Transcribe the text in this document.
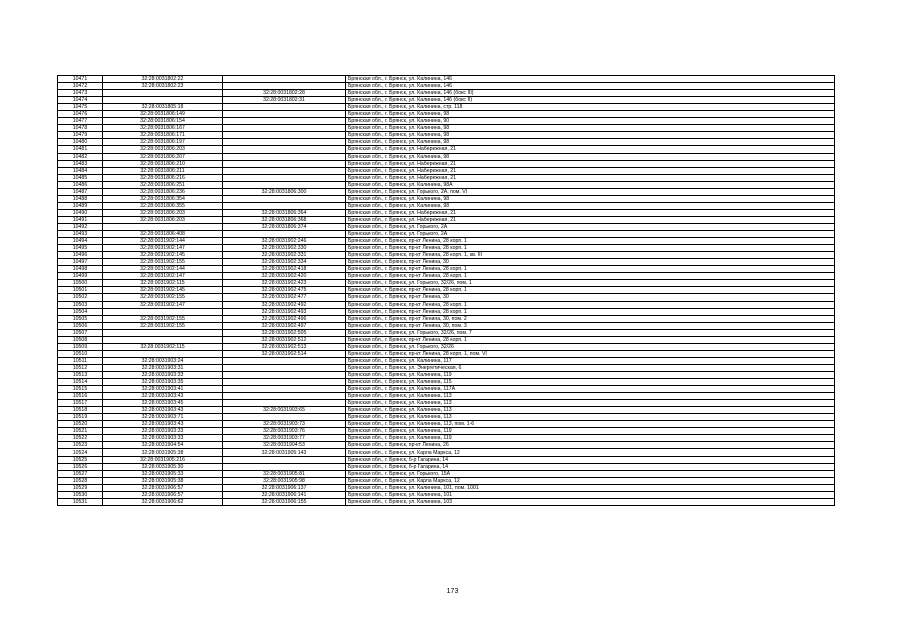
10471	32:28:0031802:22		Брянская обл., г. Брянск, ул. Калинина, 146
10472	32:28:0031802:23		Брянская обл., г. Брянск, ул. Калинина, 146
10473		32:28:0031802:28	Брянская обл., г. Брянск, ул. Калинина, 146 (бокс III)
10474		32:28:0031802:31	Брянская обл., г. Брянск, ул. Калинина, 146 (бокс II)
10475	32:28:0031805:18		Брянская обл., г. Брянск, ул. Калинина, стр. 118
10476	32:28:0031806:149		Брянская обл., г. Брянск, ул. Калинина, 98
10477	32:28:0031806:154		Брянская обл., г. Брянск, ул. Калинина, 90
10478	32:28:0031806:167		Брянская обл., г. Брянск, ул. Калинина, 98
10479	32:28:0031806:171		Брянская обл., г. Брянск, ул. Калинина, 98
10480	32:28:0031806:197		Брянская обл., г. Брянск, ул. Калинина, 98
10481	32:28:0031806:203		Брянская обл., г. Брянск, ул. Набережная, 21
10482	32:28:0031806:207		Брянская обл., г. Брянск, ул. Калинина, 98
10483	32:28:0031806:210		Брянская обл., г. Брянск, ул. Набережная, 21
10484	32:28:0031806:211		Брянская обл., г. Брянск, ул. Набережная, 21
10485	32:28:0031806:216		Брянская обл., г. Брянск, ул. Набережная, 21
10486	32:28:0031806:251		Брянская обл., г. Брянск, ул. Калинина, 98А
10487	32:28:0031806:236	32:28:0031806:300	Брянская обл., г. Брянск, ул. Горького, 2А, пом. VI
10488	32:28:0031806:354		Брянская обл., г. Брянск, ул. Калинина, 98
10489	32:28:0031806:355		Брянская обл., г. Брянск, ул. Калинина, 98
10490	32:28:0031806:203	32:28:0031806:364	Брянская обл., г. Брянск, ул. Набережная, 21
10491	32:28:0031806:203	32:28:0031806:368	Брянская обл., г. Брянск, ул. Набережная, 21
10492		32:28:0031806:374	Брянская обл., г. Брянск, ул. Горького, 2А
10493	32:28:0031806:408		Брянская обл., г. Брянск, ул. Горького, 2А
10494	32:28:0031902:144	32:28:0031902:246	Брянская обл., г. Брянск, пр-кт Ленина, 28 корп. 1
10495	32:28:0031902:147	32:28:0031902:330	Брянская обл., г. Брянск, пр-кт Ленина, 28 корп. 1
10496	32:28:0031902:145	32:28:0031902:331	Брянская обл., г. Брянск, пр-кт Ленина, 28 корп. 1, кв. III
10497	32:28:0031902:155	32:28:0031902:334	Брянская обл., г. Брянск, пр-кт Ленина, 30
10498	32:28:0031902:144	32:28:0031902:418	Брянская обл., г. Брянск, пр-кт Ленина, 28 корп. 1
10499	32:28:0031902:147	32:28:0031902:420	Брянская обл., г. Брянск, пр-кт Ленина, 28 корп. 1
10500	32:28:0031902:115	32:28:0031902:423	Брянская обл., г. Брянск, ул. Горького, 32/26, пом. 1
10501	32:28:0031902:145	32:28:0031902:475	Брянская обл., г. Брянск, пр-кт Ленина, 28 корп. 1
10502	32:28:0031902:155	32:28:0031902:477	Брянская обл., г. Брянск, пр-кт Ленина, 30
10503	32:28:0031902:147	32:28:0031902:492	Брянская обл., г. Брянск, пр-кт Ленина, 28 корп. 1
10504		32:28:0031902:493	Брянская обл., г. Брянск, пр-кт Ленина, 28 корп. 1
10505	32:28:0031902:155	32:28:0031902:496	Брянская обл., г. Брянск, пр-кт Ленина, 30, пом. 2
10506	32:28:0031902:155	32:28:0031902:497	Брянская обл., г. Брянск, пр-кт Ленина, 30, пом. 3
10507		32:28:0031902:505	Брянская обл., г. Брянск, ул. Горького, 32/26, пом. 7
10508		32:28:0031902:512	Брянская обл., г. Брянск, пр-кт Ленина, 28 корп. 1
10509	32:28:0031902:115	32:28:0031902:513	Брянская обл., г. Брянск, ул. Горького, 32/26
10510		32:28:0031902:514	Брянская обл., г. Брянск, пр-кт Ленина, 28 корп. 1, пом. VI
10511	32:28:0031903:24		Брянская обл., г. Брянск, ул. Калинина, 117
10512	32:28:0031903:31		Брянская обл., г. Брянск, ул. Энергетическая, 6
10513	32:28:0031903:33		Брянская обл., г. Брянск, ул. Калинина, 119
10514	32:28:0031903:35		Брянская обл., г. Брянск, ул. Калинина, 115
10515	32:28:0031903:41		Брянская обл., г. Брянск, ул. Калинина, 117А
10516	32:28:0031903:43		Брянская обл., г. Брянск, ул. Калинина, 113
10517	32:28:0031903:45		Брянская обл., г. Брянск, ул. Калинина, 113
10518	32:28:0031903:43	32:28:0031903:65	Брянская обл., г. Брянск, ул. Калинина, 113
10519	32:28:0031903:71		Брянская обл., г. Брянск, ул. Калинина, 113
10520	32:28:0031903:43	32:28:0031903:73	Брянская обл., г. Брянск, ул. Калинина, 113, пом. 1-6
10521	32:28:0031903:33	32:28:0031903:76	Брянская обл., г. Брянск, ул. Калинина, 119
10522	32:28:0031903:33	32:28:0031903:77	Брянская обл., г. Брянск, ул. Калинина, 119
10523	32:28:0031904:54	32:28:0031904:53	Брянская обл., г. Брянск, пр-кт Ленина, 26
10524	32:28:0031905:38	32:28:0031905:143	Брянская обл., г. Брянск, ул. Карла Маркса, 12
10525	32:28:0031905:216		Брянская обл., г. Брянск, б-р Гагарина, 14
10526	32:28:0031905:30		Брянская обл., г. Брянск, б-р Гагарина, 14
10527	32:28:0031905:33	32:28:0031905:81	Брянская обл., г. Брянск, ул. Горького, 15А
10528	32:28:0031905:38	32:28:0031905:98	Брянская обл., г. Брянск, ул. Карла Маркса, 12
10529	32:28:0031906:57	32:28:0031906:137	Брянская обл., г. Брянск, ул. Калинина, 101, пом. 1001
10530	32:28:0031906:57	32:28:0031906:141	Брянская обл., г. Брянск, ул. Калинина, 101
10531	32:28:0031906:62	32:28:0031906:155	Брянская обл., г. Брянск, ул. Калинина, 103
173
